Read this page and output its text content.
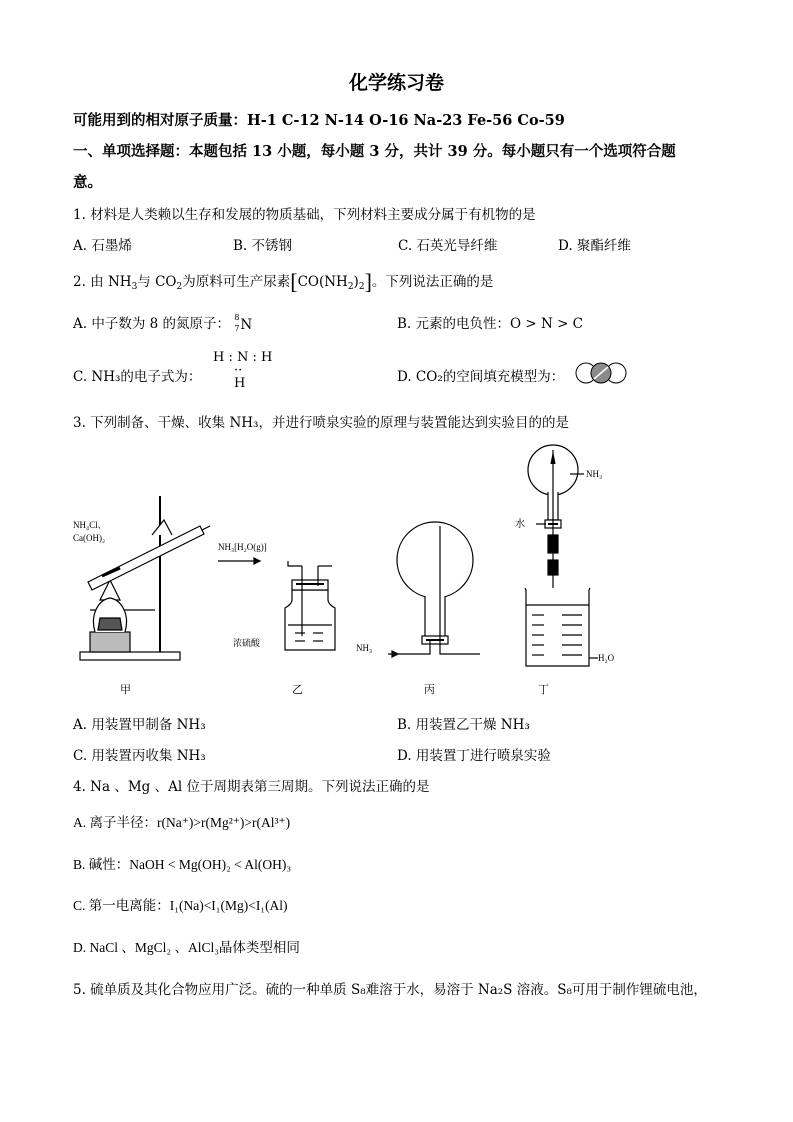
化学练习卷
可能用到的相对原子质量：H-1 C-12 N-14 O-16 Na-23 Fe-56 Co-59
一、单项选择题：本题包括 13 小题，每小题 3 分，共计 39 分。每小题只有一个选项符合题
意。
1. 材料是人类赖以生存和发展的物质基础，下列材料主要成分属于有机物的是
A. 石墨烯	B. 不锈钢	C. 石英光导纤维	D. 聚酯纤维
2. 由 $NH_3$与 $CO_2$为原料可生产尿素$[CO(NH_2)_2]$。下列说法正确的是
A. 中子数为 8 的氮原子： 8
7 N	B. 元素的电负性：O > N > C
C. NH₃的电子式为：
H : N : H
··
H	D. CO₂的空间填充模型为：
3. 下列制备、干燥、收集 NH₃，并进行喷泉实验的原理与装置能达到实验目的的是
NH₄Cl、
Ca(OH)₂
甲
NH₃[H₂O(g)]
浓硫酸
乙
NH₃
丙
NH₃
水
H₂O
丁
A. 用装置甲制备 NH₃	B. 用装置乙干燥 NH₃
C. 用装置丙收集 NH₃	D. 用装置丁进行喷泉实验
4. Na 、Mg 、Al 位于周期表第三周期。下列说法正确的是
A. 离子半径：r(Na⁺)>r(Mg²⁺)>r(Al³⁺)
B. 碱性：NaOH < Mg(OH)₂ < Al(OH)₃
C. 第一电离能：I₁(Na)<I₁(Mg)<I₁(Al)
D. NaCl 、MgCl₂ 、AlCl₃晶体类型相同
5. 硫单质及其化合物应用广泛。硫的一种单质 S₈难溶于水，易溶于 Na₂S 溶液。S₈可用于制作锂硫电池，
